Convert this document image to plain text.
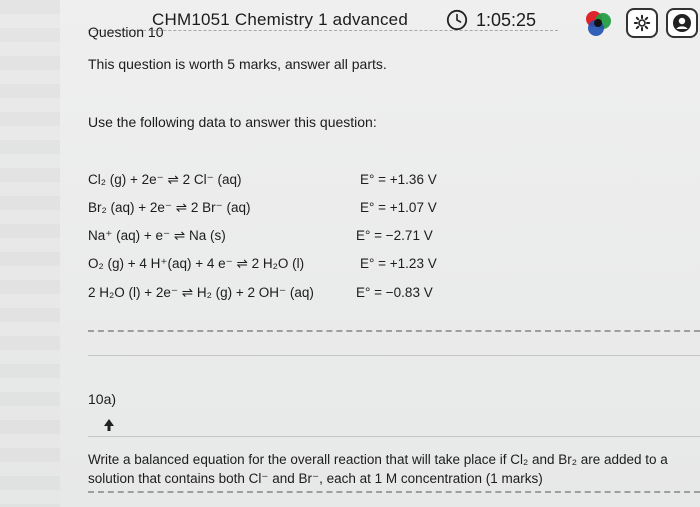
CHM1051 Chemistry 1 advanced
Question 10
1:05:25
This question is worth 5 marks, answer all parts.
Use the following data to answer this question:
Cl₂ (g) + 2e⁻ ⇌ 2 Cl⁻ (aq)	E° = +1.36 V
Br₂ (aq) + 2e⁻ ⇌ 2 Br⁻ (aq)	E° = +1.07 V
Na⁺ (aq) + e⁻ ⇌ Na (s)	E° = −2.71 V
O₂ (g) + 4 H⁺(aq) + 4 e⁻ ⇌ 2 H₂O (l)	E° = +1.23 V
2 H₂O (l) + 2e⁻ ⇌ H₂ (g) + 2 OH⁻ (aq)	E° = −0.83 V
10a)
Write a balanced equation for the overall reaction that will take place if Cl₂ and Br₂ are added to a solution that contains both Cl⁻ and Br⁻, each at 1 M concentration (1 marks)
